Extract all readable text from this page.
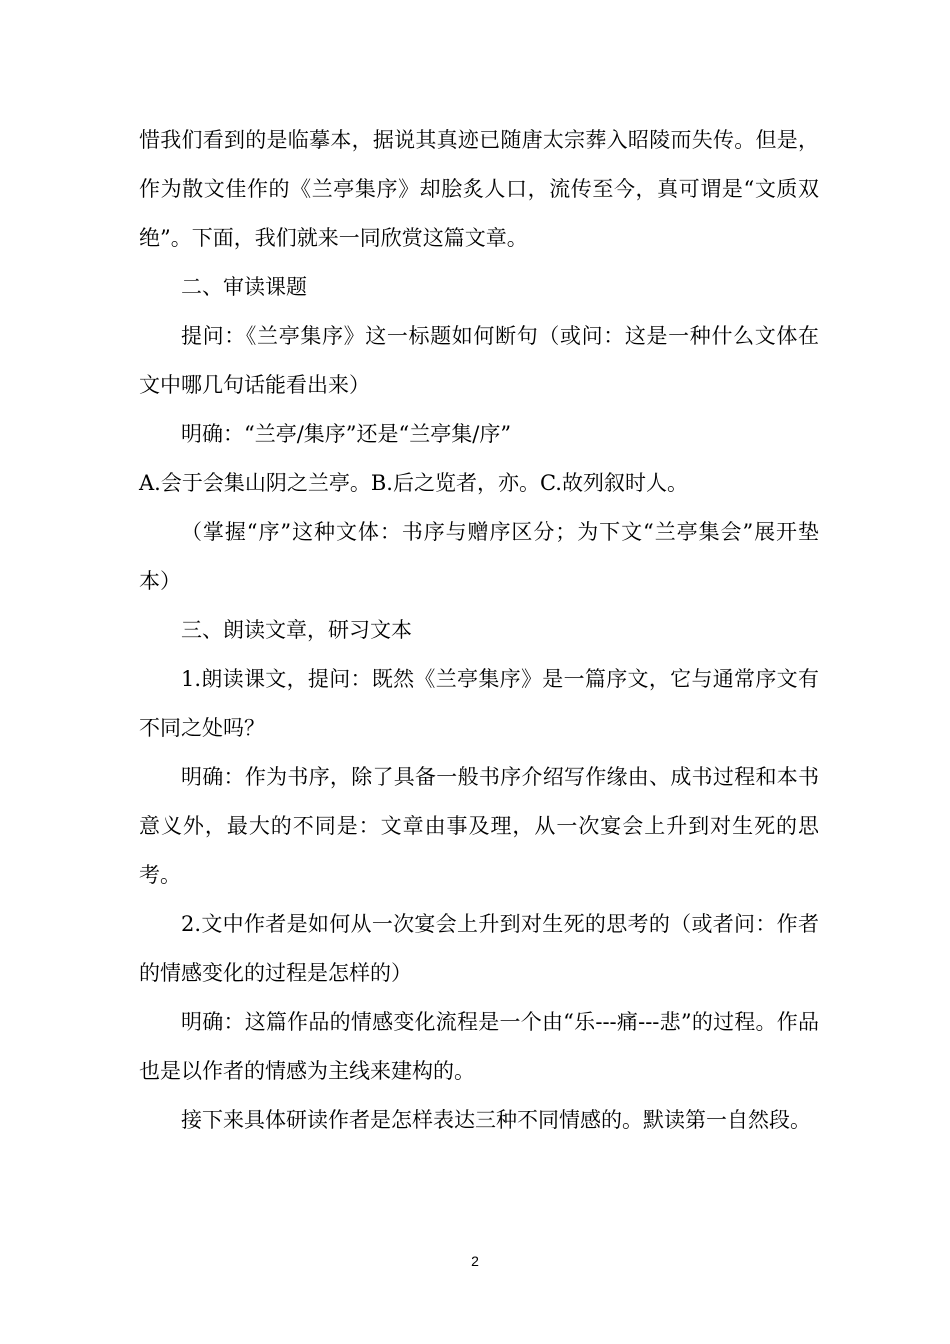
惜我们看到的是临摹本，据说其真迹已随唐太宗葬入昭陵而失传。但是，作为散文佳作的《兰亭集序》却脍炙人口，流传至今，真可谓是“文质双绝”。下面，我们就来一同欣赏这篇文章。

二、审读课题

提问：《兰亭集序》这一标题如何断句（或问：这是一种什么文体在文中哪几句话能看出来）

明确：“兰亭/集序”还是“兰亭集/序”

A.会于会集山阴之兰亭。B.后之览者，亦。C.故列叙时人。

（掌握“序”这种文体：书序与赠序区分；为下文“兰亭集会”展开垫本）

三、朗读文章，研习文本

1.朗读课文，提问：既然《兰亭集序》是一篇序文，它与通常序文有不同之处吗？

明确：作为书序，除了具备一般书序介绍写作缘由、成书过程和本书意义外，最大的不同是：文章由事及理，从一次宴会上升到对生死的思考。

2.文中作者是如何从一次宴会上升到对生死的思考的（或者问：作者的情感变化的过程是怎样的）

明确：这篇作品的情感变化流程是一个由“乐---痛---悲”的过程。作品也是以作者的情感为主线来建构的。

接下来具体研读作者是怎样表达三种不同情感的。默读第一自然段。

2
